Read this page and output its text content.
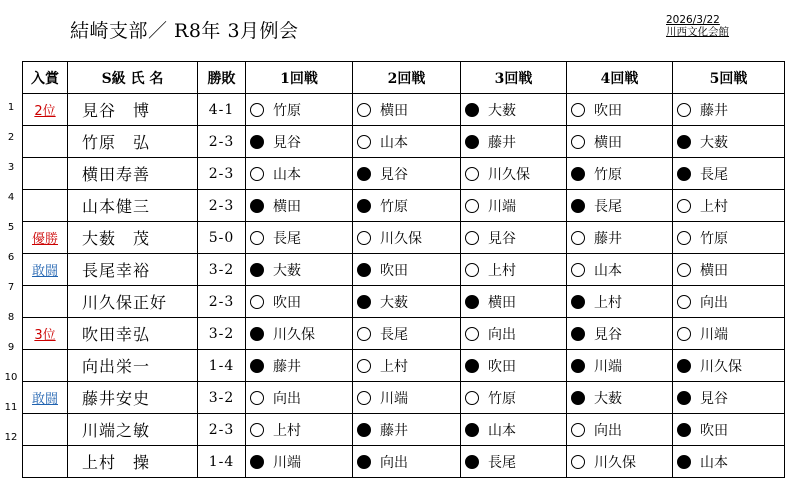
結崎支部／ R8年 3月例会	2026/3/22
川西文化会館
1
2
3
4
5
6
7
8
9
10
11
12
入賞	S級 氏 名	勝敗	1回戦	2回戦	3回戦	4回戦	5回戦
2位	見谷　博	4-1	竹原	横田	大薮	吹田	藤井
	竹原　弘	2-3	見谷	山本	藤井	横田	大薮
	横田寿善	2-3	山本	見谷	川久保	竹原	長尾
	山本健三	2-3	横田	竹原	川端	長尾	上村
優勝	大薮　茂	5-0	長尾	川久保	見谷	藤井	竹原
敢闘	長尾幸裕	3-2	大薮	吹田	上村	山本	横田
	川久保正好	2-3	吹田	大薮	横田	上村	向出
3位	吹田幸弘	3-2	川久保	長尾	向出	見谷	川端
	向出栄一	1-4	藤井	上村	吹田	川端	川久保
敢闘	藤井安史	3-2	向出	川端	竹原	大薮	見谷
	川端之敏	2-3	上村	藤井	山本	向出	吹田
	上村　操	1-4	川端	向出	長尾	川久保	山本
